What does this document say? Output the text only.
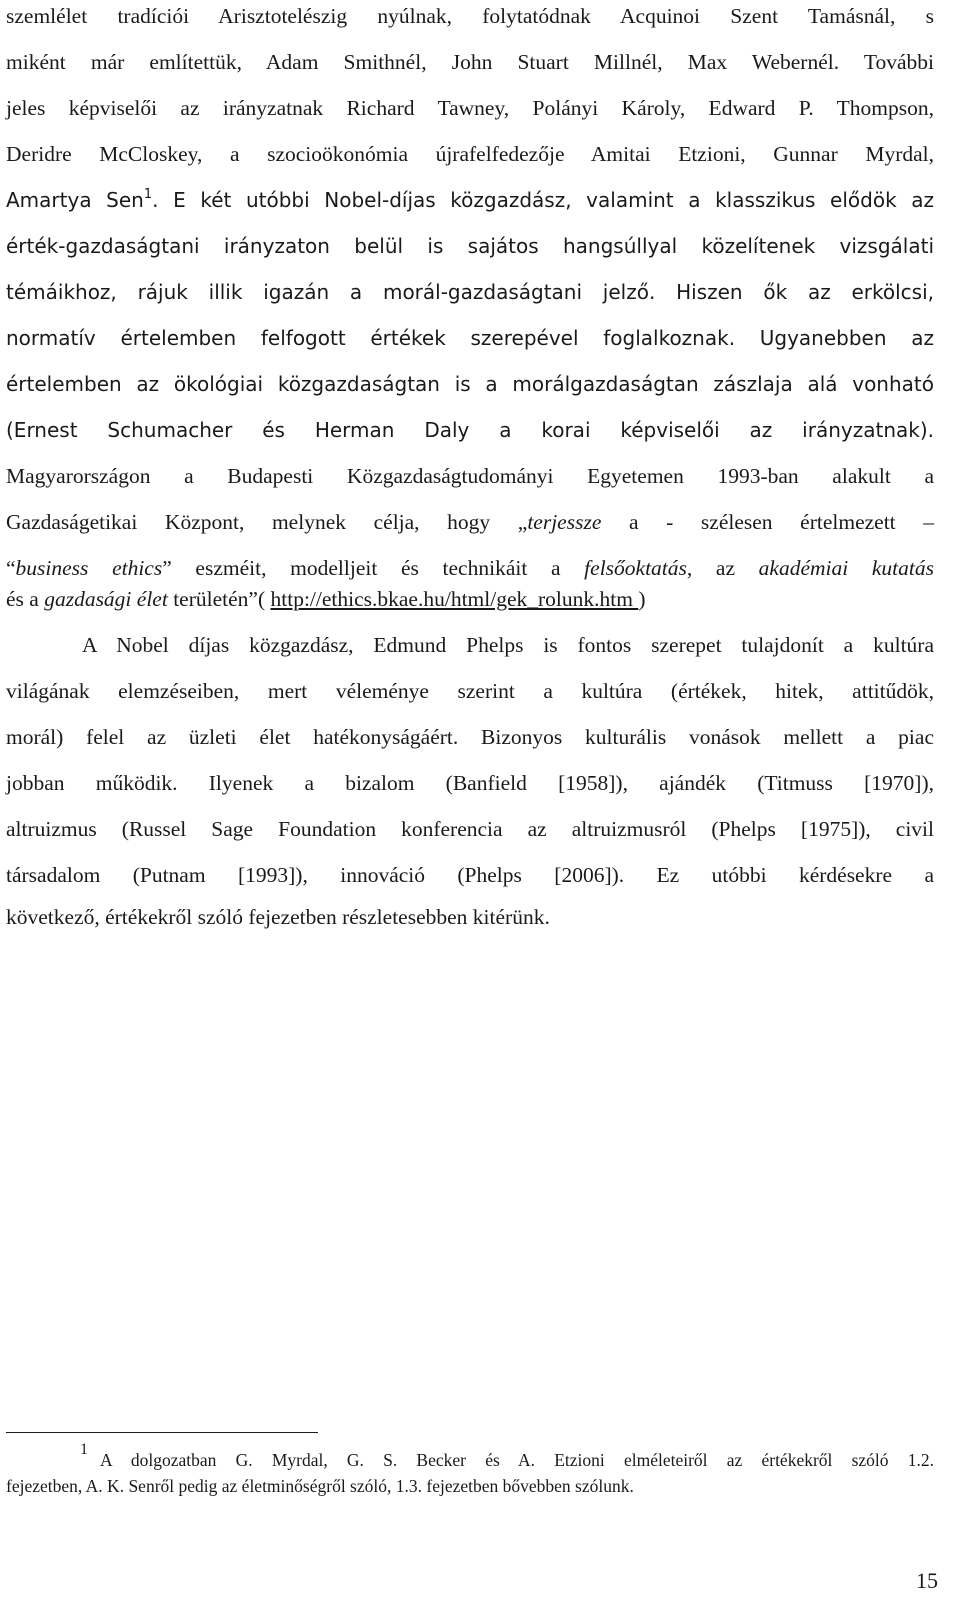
szemlélet tradíciói Arisztotelészig nyúlnak, folytatódnak Acquinoi Szent Tamásnál, s

miként már említettük, Adam Smithnél, John Stuart Millnél, Max Webernél. További

jeles képviselői az irányzatnak Richard Tawney, Polányi Károly, Edward P. Thompson,

Deridre McCloskey, a szocioökonómia újrafelfedezője Amitai Etzioni, Gunnar Myrdal,

Amartya Sen$^1$. E két utóbbi Nobel-díjas közgazdász, valamint a klasszikus elődök az

érték-gazdaságtani irányzaton belül is sajátos hangsúllyal közelítenek vizsgálati

témáikhoz, rájuk illik igazán a morál-gazdaságtani jelző. Hiszen ők az erkölcsi,

normatív értelemben felfogott értékek szerepével foglalkoznak. Ugyanebben az

értelemben az ökológiai közgazdaságtan is a morálgazdaságtan zászlaja alá vonható

(Ernest Schumacher és Herman Daly a korai képviselői az irányzatnak).

Magyarországon a Budapesti Közgazdaságtudományi Egyetemen 1993-ban alakult a

Gazdaságetikai Központ, melynek célja, hogy „terjessze a - szélesen értelmezett –

“business ethics” eszméit, modelljeit és technikáit a felsőoktatás, az akadémiai kutatás

és a gazdasági élet területén”( http://ethics.bkae.hu/html/gek_rolunk.htm )

A Nobel díjas közgazdász, Edmund Phelps is fontos szerepet tulajdonít a kultúra

világának elemzéseiben, mert véleménye szerint a kultúra (értékek, hitek, attitűdök,

morál) felel az üzleti élet hatékonyságáért. Bizonyos kulturális vonások mellett a piac

jobban működik. Ilyenek a bizalom (Banfield [1958]), ajándék (Titmuss [1970]),

altruizmus (Russel Sage Foundation konferencia az altruizmusról (Phelps [1975]), civil

társadalom (Putnam [1993]), innováció (Phelps [2006]). Ez utóbbi kérdésekre a

következő, értékekről szóló fejezetben részletesebben kitérünk.

1

A dolgozatban G. Myrdal, G. S. Becker és A. Etzioni elméleteiről az értékekről szóló 1.2.

fejezetben, A. K. Senről pedig az életminőségről szóló, 1.3. fejezetben bővebben szólunk.

15
